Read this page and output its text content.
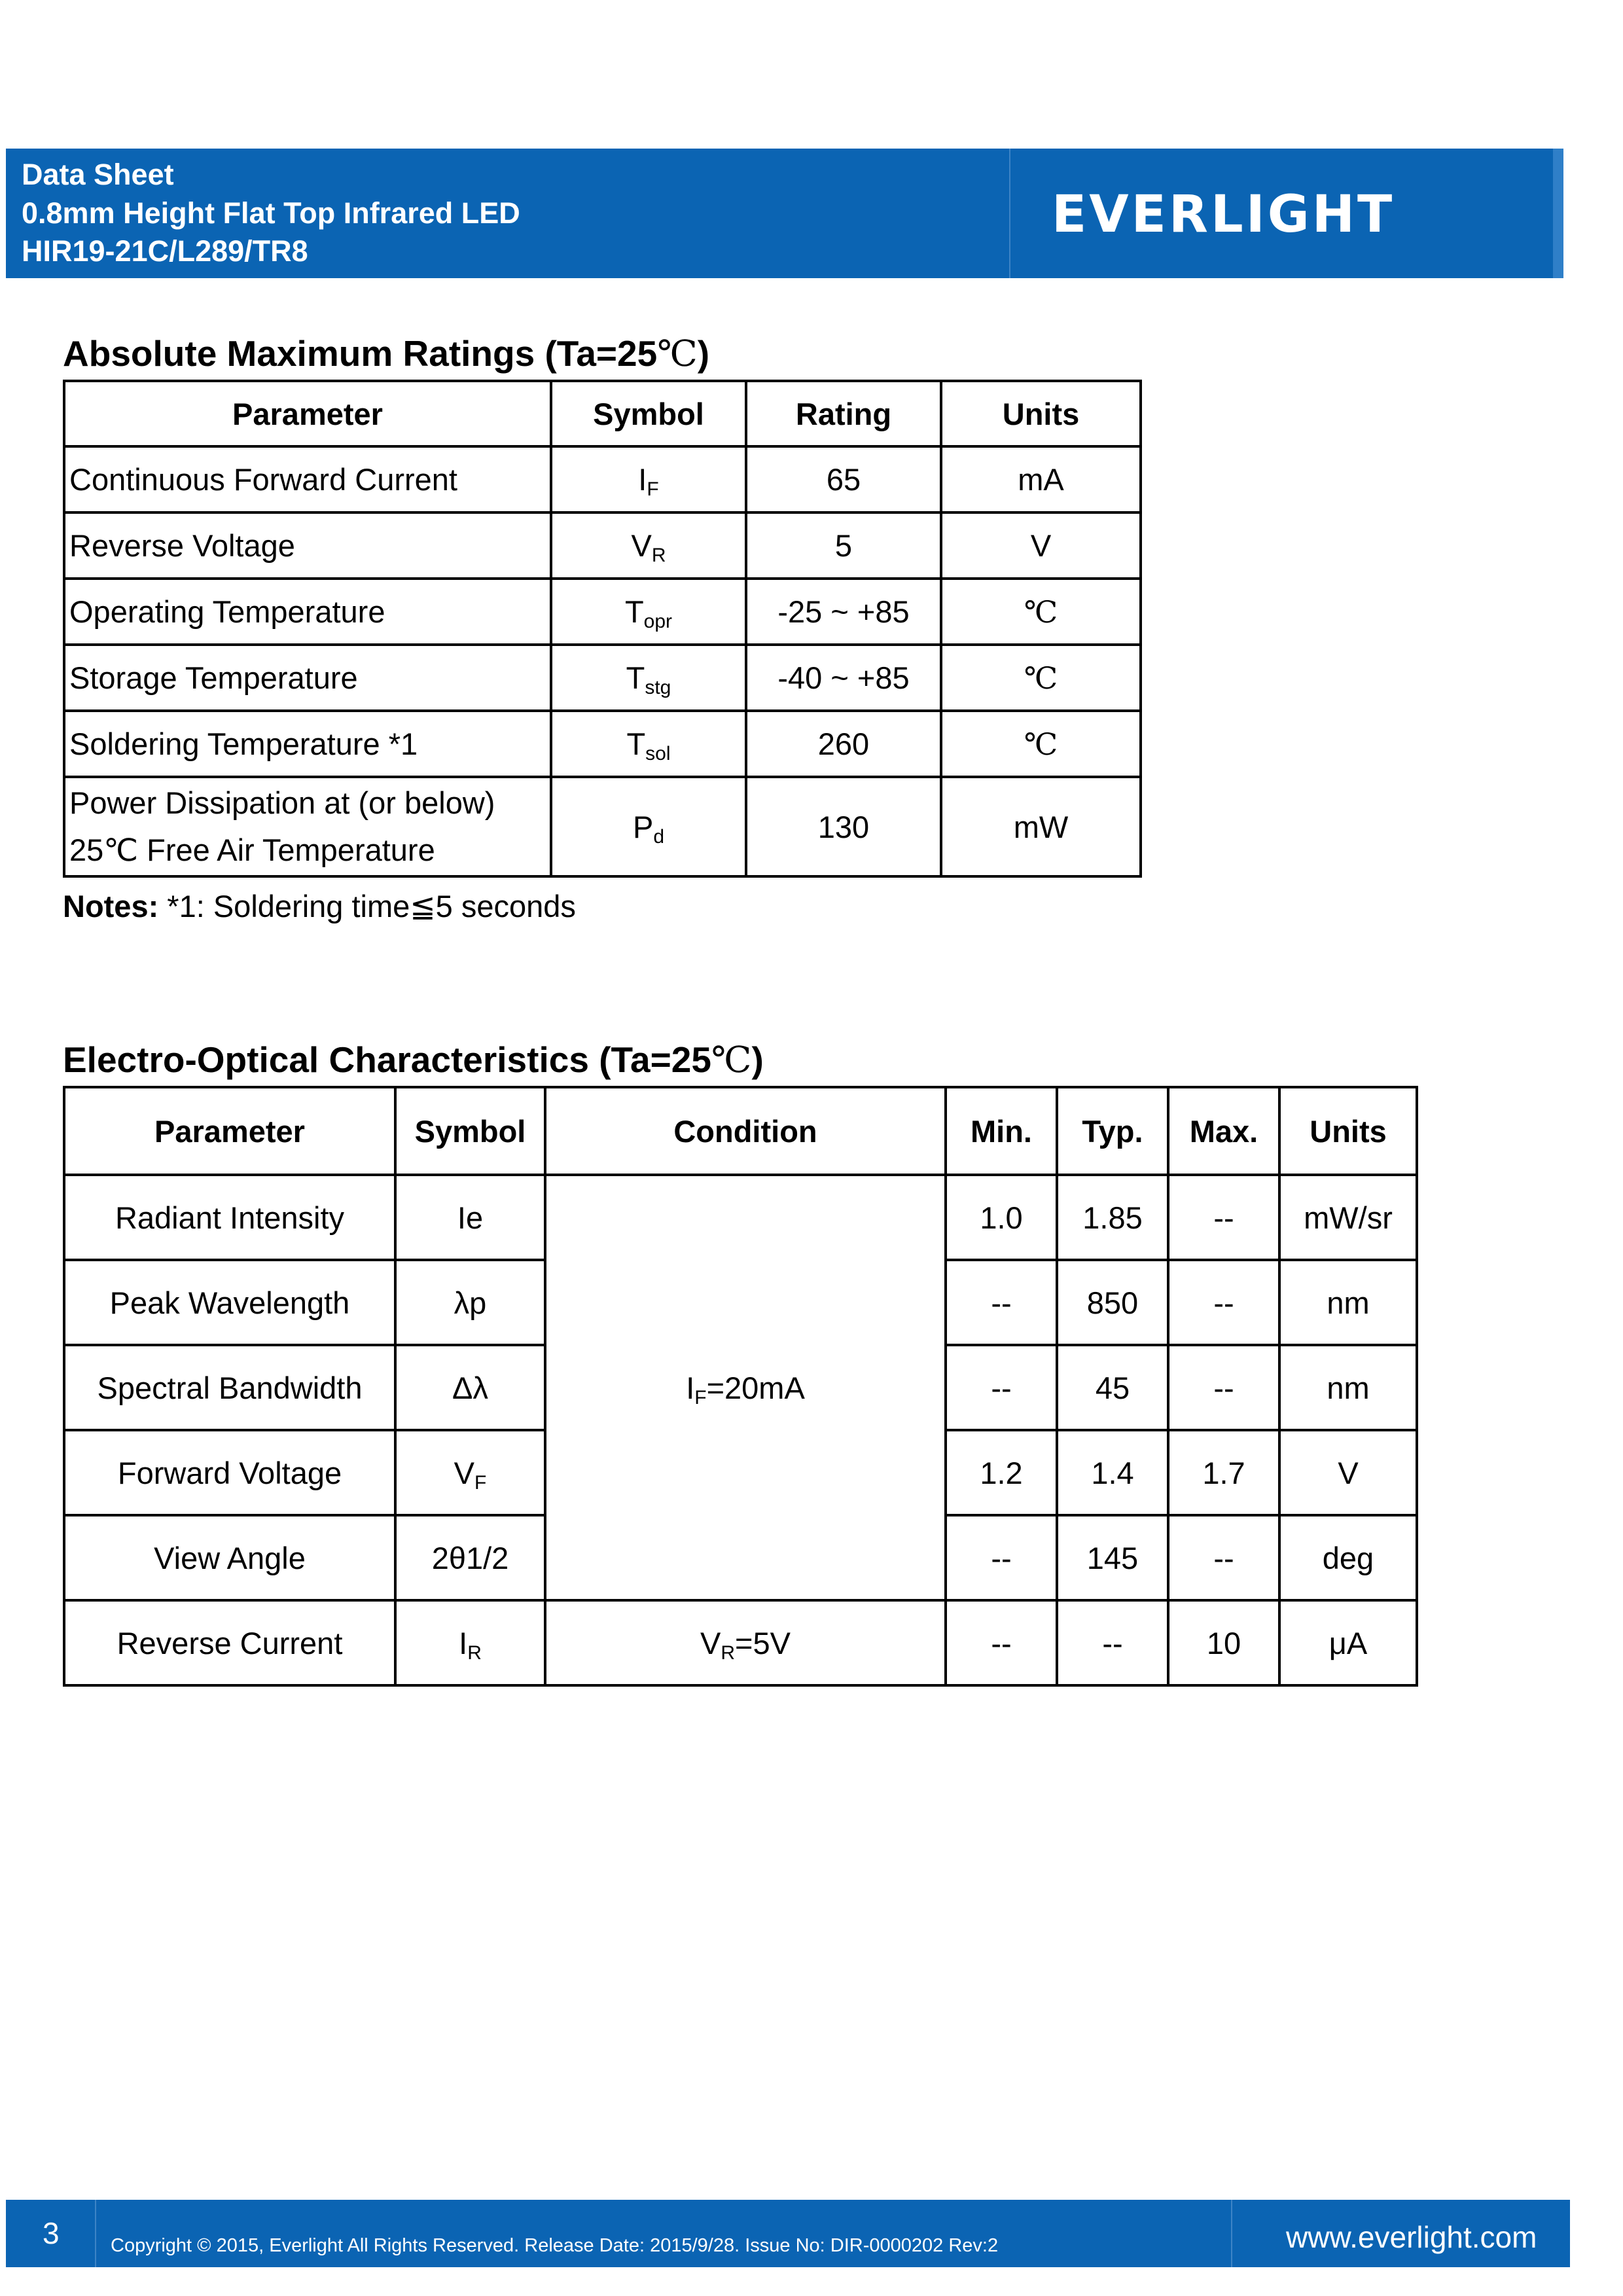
Data Sheet
0.8mm Height Flat Top Infrared LED
HIR19-21C/L289/TR8
EVERLIGHT
Absolute Maximum Ratings (Ta=25℃)
Parameter	Symbol	Rating	Units
Continuous Forward Current	$I_F$	65	mA
Reverse Voltage	$V_R$	5	V
Operating Temperature	$T_{opr}$	-25 ~ +85	℃
Storage Temperature	$T_{stg}$	-40 ~ +85	℃
Soldering Temperature *1	$T_{sol}$	260	℃

Power Dissipation at (or below)
25℃ Free Air Temperature	$P_d$	130	mW
Notes: *1: Soldering time≦5 seconds
Electro-Optical Characteristics (Ta=25℃)
Parameter	Symbol	Condition	Min.	Typ.	Max.	Units
Radiant Intensity	Ie	$I_F=20mA$	1.0	1.85	--	mW/sr
Peak Wavelength	λp		--	850	--	nm
Spectral Bandwidth	Δλ		--	45	--	nm
Forward Voltage	$V_F$		1.2	1.4	1.7	V
View Angle	2θ1/2		--	145	--	deg
Reverse Current	$I_R$	$V_R=5V$	--	--	10	μA
3	Copyright © 2015, Everlight All Rights Reserved. Release Date: 2015/9/28. Issue No: DIR-0000202 Rev:2	www.everlight.com
